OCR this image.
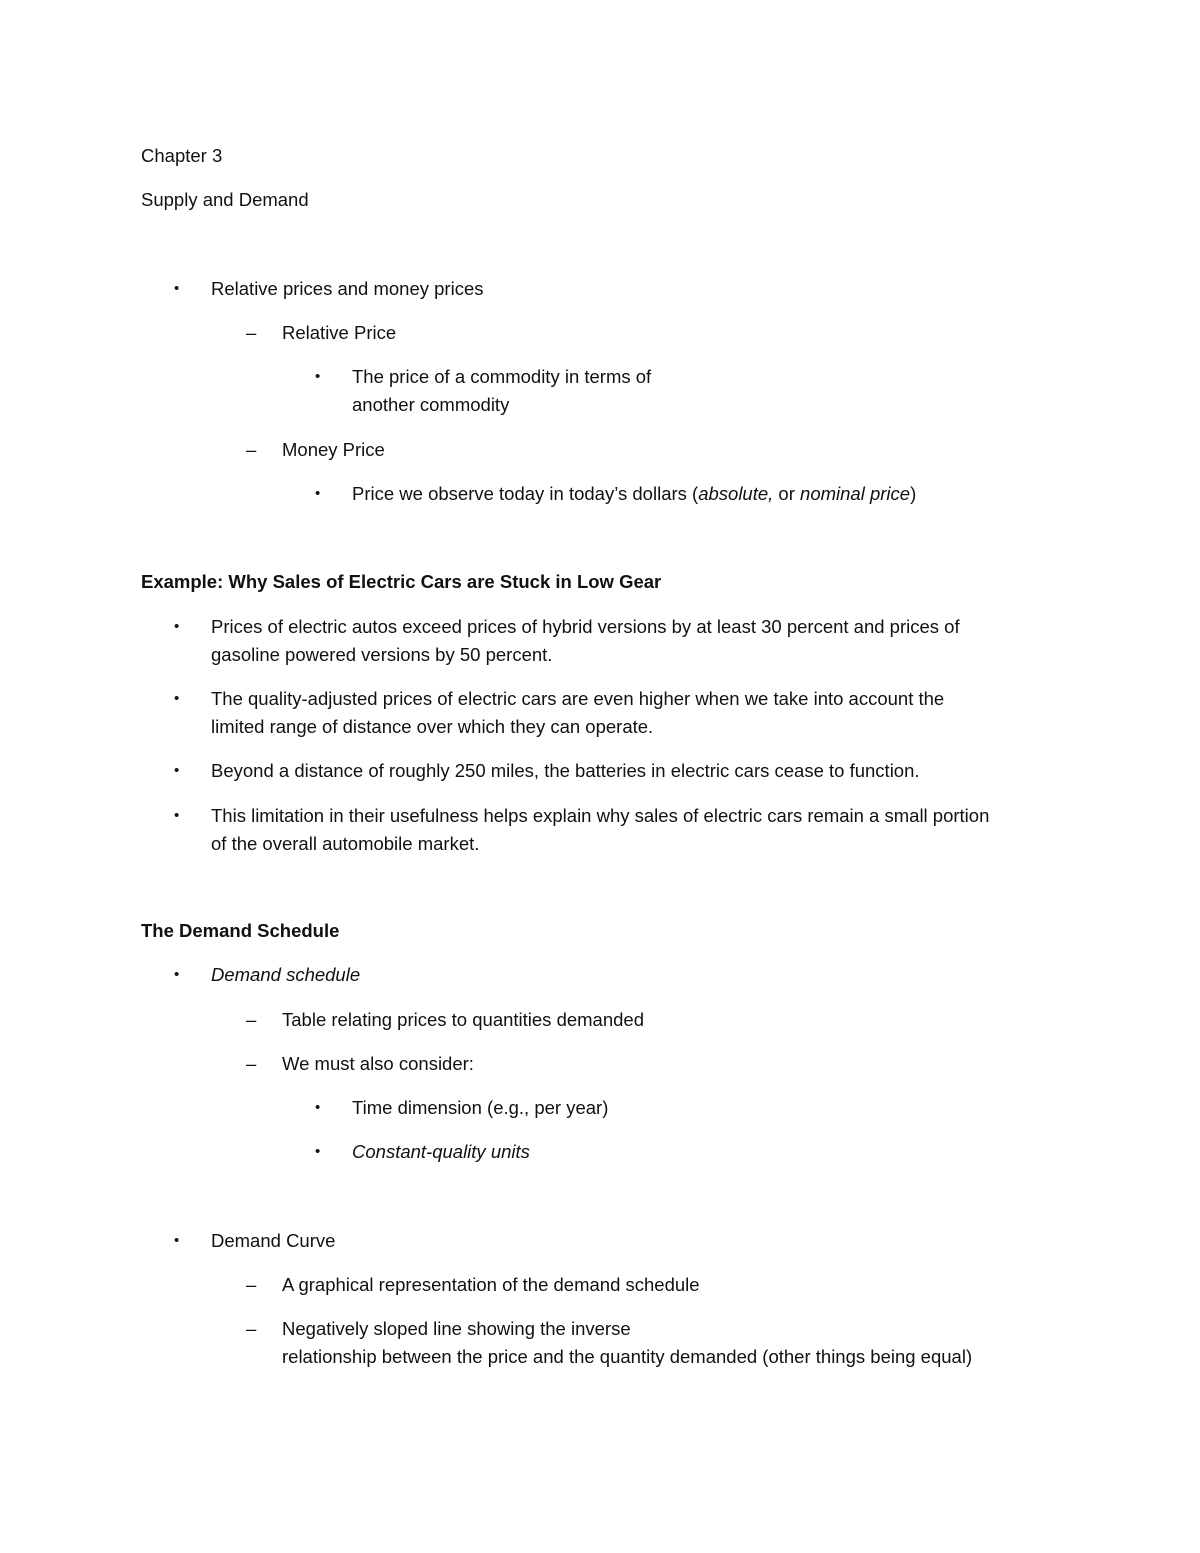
Chapter 3
Supply and Demand
• Relative prices and money prices
– Relative Price
• The price of a commodity in terms of
another commodity
– Money Price
• Price we observe today in today’s dollars (absolute, or nominal price)
Example: Why Sales of Electric Cars are Stuck in Low Gear
• Prices of electric autos exceed prices of hybrid versions by at least 30 percent and prices of
gasoline powered versions by 50 percent.
• The quality-adjusted prices of electric cars are even higher when we take into account the
limited range of distance over which they can operate.
• Beyond a distance of roughly 250 miles, the batteries in electric cars cease to function.
• This limitation in their usefulness helps explain why sales of electric cars remain a small portion
of the overall automobile market.
The Demand Schedule
• Demand schedule
– Table relating prices to quantities demanded
– We must also consider:
• Time dimension (e.g., per year)
• Constant-quality units
• Demand Curve
– A graphical representation of the demand schedule
– Negatively sloped line showing the inverse
relationship between the price and the quantity demanded (other things being equal)
